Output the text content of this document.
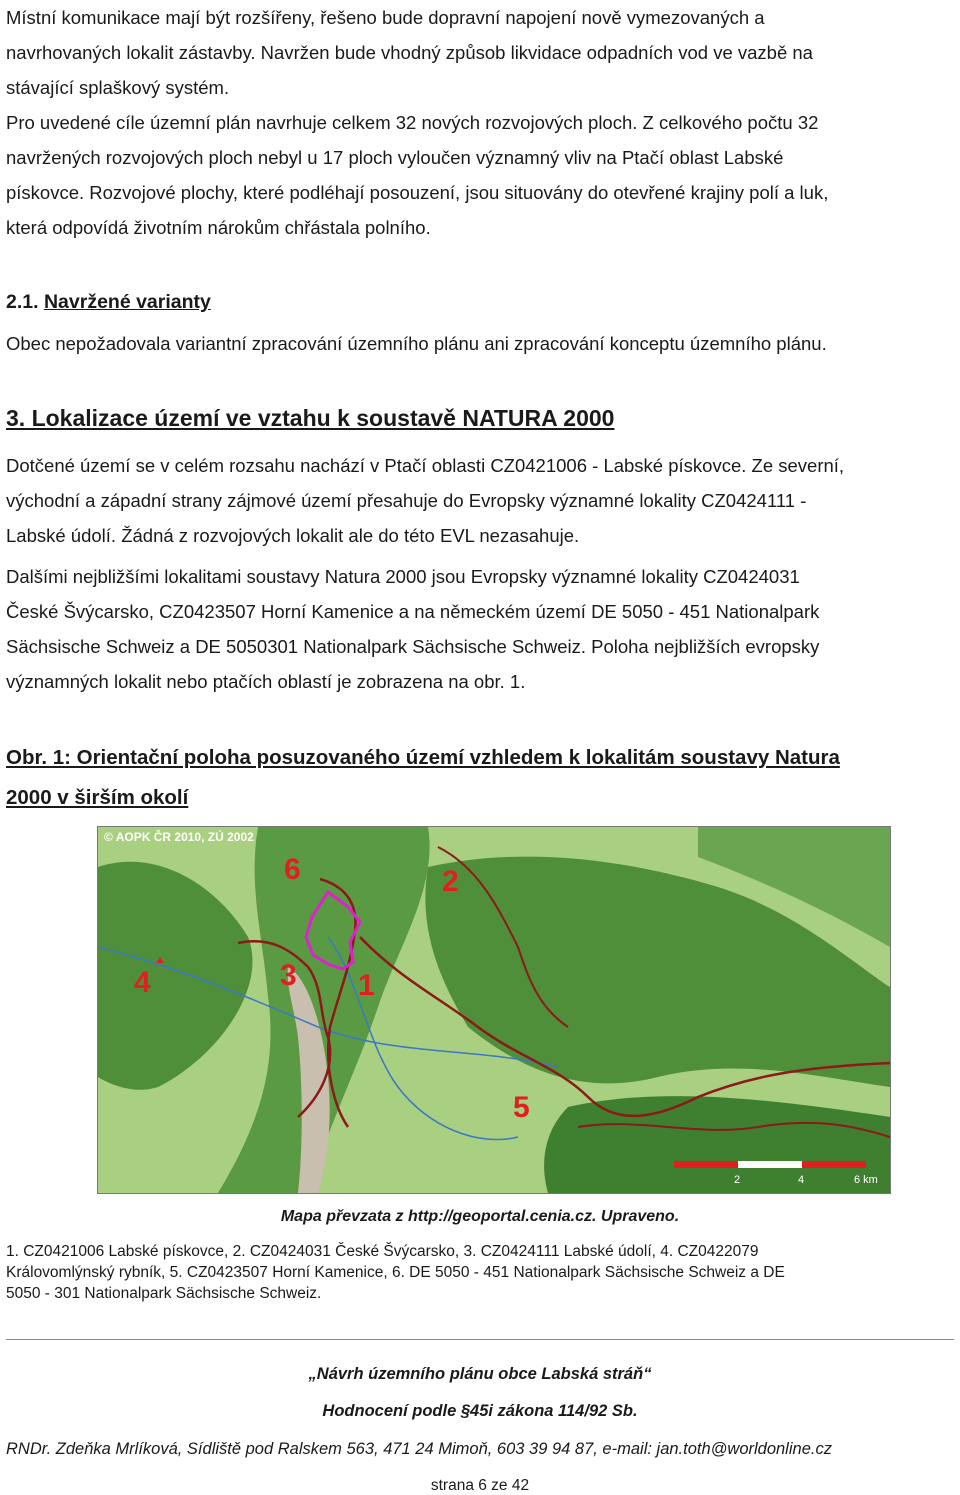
Místní komunikace mají být rozšířeny, řešeno bude dopravní napojení nově vymezovaných a
navrhovaných lokalit zástavby. Navržen bude vhodný způsob likvidace odpadních vod ve vazbě na
stávající splaškový systém.
Pro uvedené cíle územní plán navrhuje celkem 32 nových rozvojových ploch. Z celkového počtu 32
navržených rozvojových ploch nebyl u 17 ploch vyloučen významný vliv na Ptačí oblast Labské
pískovce. Rozvojové plochy, které podléhají posouzení, jsou situovány do otevřené krajiny polí a luk,
která odpovídá životním nárokům chřástala polního.

2.1. Navržené varianty

Obec nepožadovala variantní zpracování územního plánu ani zpracování konceptu územního plánu.

3. Lokalizace území ve vztahu k soustavě NATURA 2000

Dotčené území se v celém rozsahu nachází v Ptačí oblasti CZ0421006 - Labské pískovce. Ze severní,
východní a západní strany zájmové území přesahuje do Evropsky významné lokality CZ0424111 -
Labské údolí. Žádná z rozvojových lokalit ale do této EVL nezasahuje.

Dalšími nejbližšími lokalitami soustavy Natura 2000 jsou Evropsky významné lokality CZ0424031
České Švýcarsko, CZ0423507 Horní Kamenice a na německém území DE 5050 - 451 Nationalpark
Sächsische Schweiz a DE 5050301 Nationalpark Sächsische Schweiz. Poloha nejbližších evropsky
významných lokalit nebo ptačích oblastí je zobrazena na obr. 1.

Obr. 1: Orientační poloha posuzovaného území vzhledem k lokalitám soustavy Natura
2000 v širším okolí

© AOPK ČR 2010, ZÚ 2002
6	2
3 1
4
5
2	4	6 km

Mapa převzata z http://geoportal.cenia.cz. Upraveno.

1. CZ0421006 Labské pískovce, 2. CZ0424031 České Švýcarsko, 3. CZ0424111 Labské údolí, 4. CZ0422079
Královomlýnský rybník, 5. CZ0423507 Horní Kamenice, 6. DE 5050 - 451 Nationalpark Sächsische Schweiz a DE
5050 - 301 Nationalpark Sächsische Schweiz.

„Návrh územního plánu obce Labská stráň“

Hodnocení podle §45i zákona 114/92 Sb.

RNDr. Zdeňka Mrlíková, Sídliště pod Ralskem 563, 471 24 Mimoň, 603 39 94 87, e-mail: jan.toth@worldonline.cz

strana 6 ze 42
